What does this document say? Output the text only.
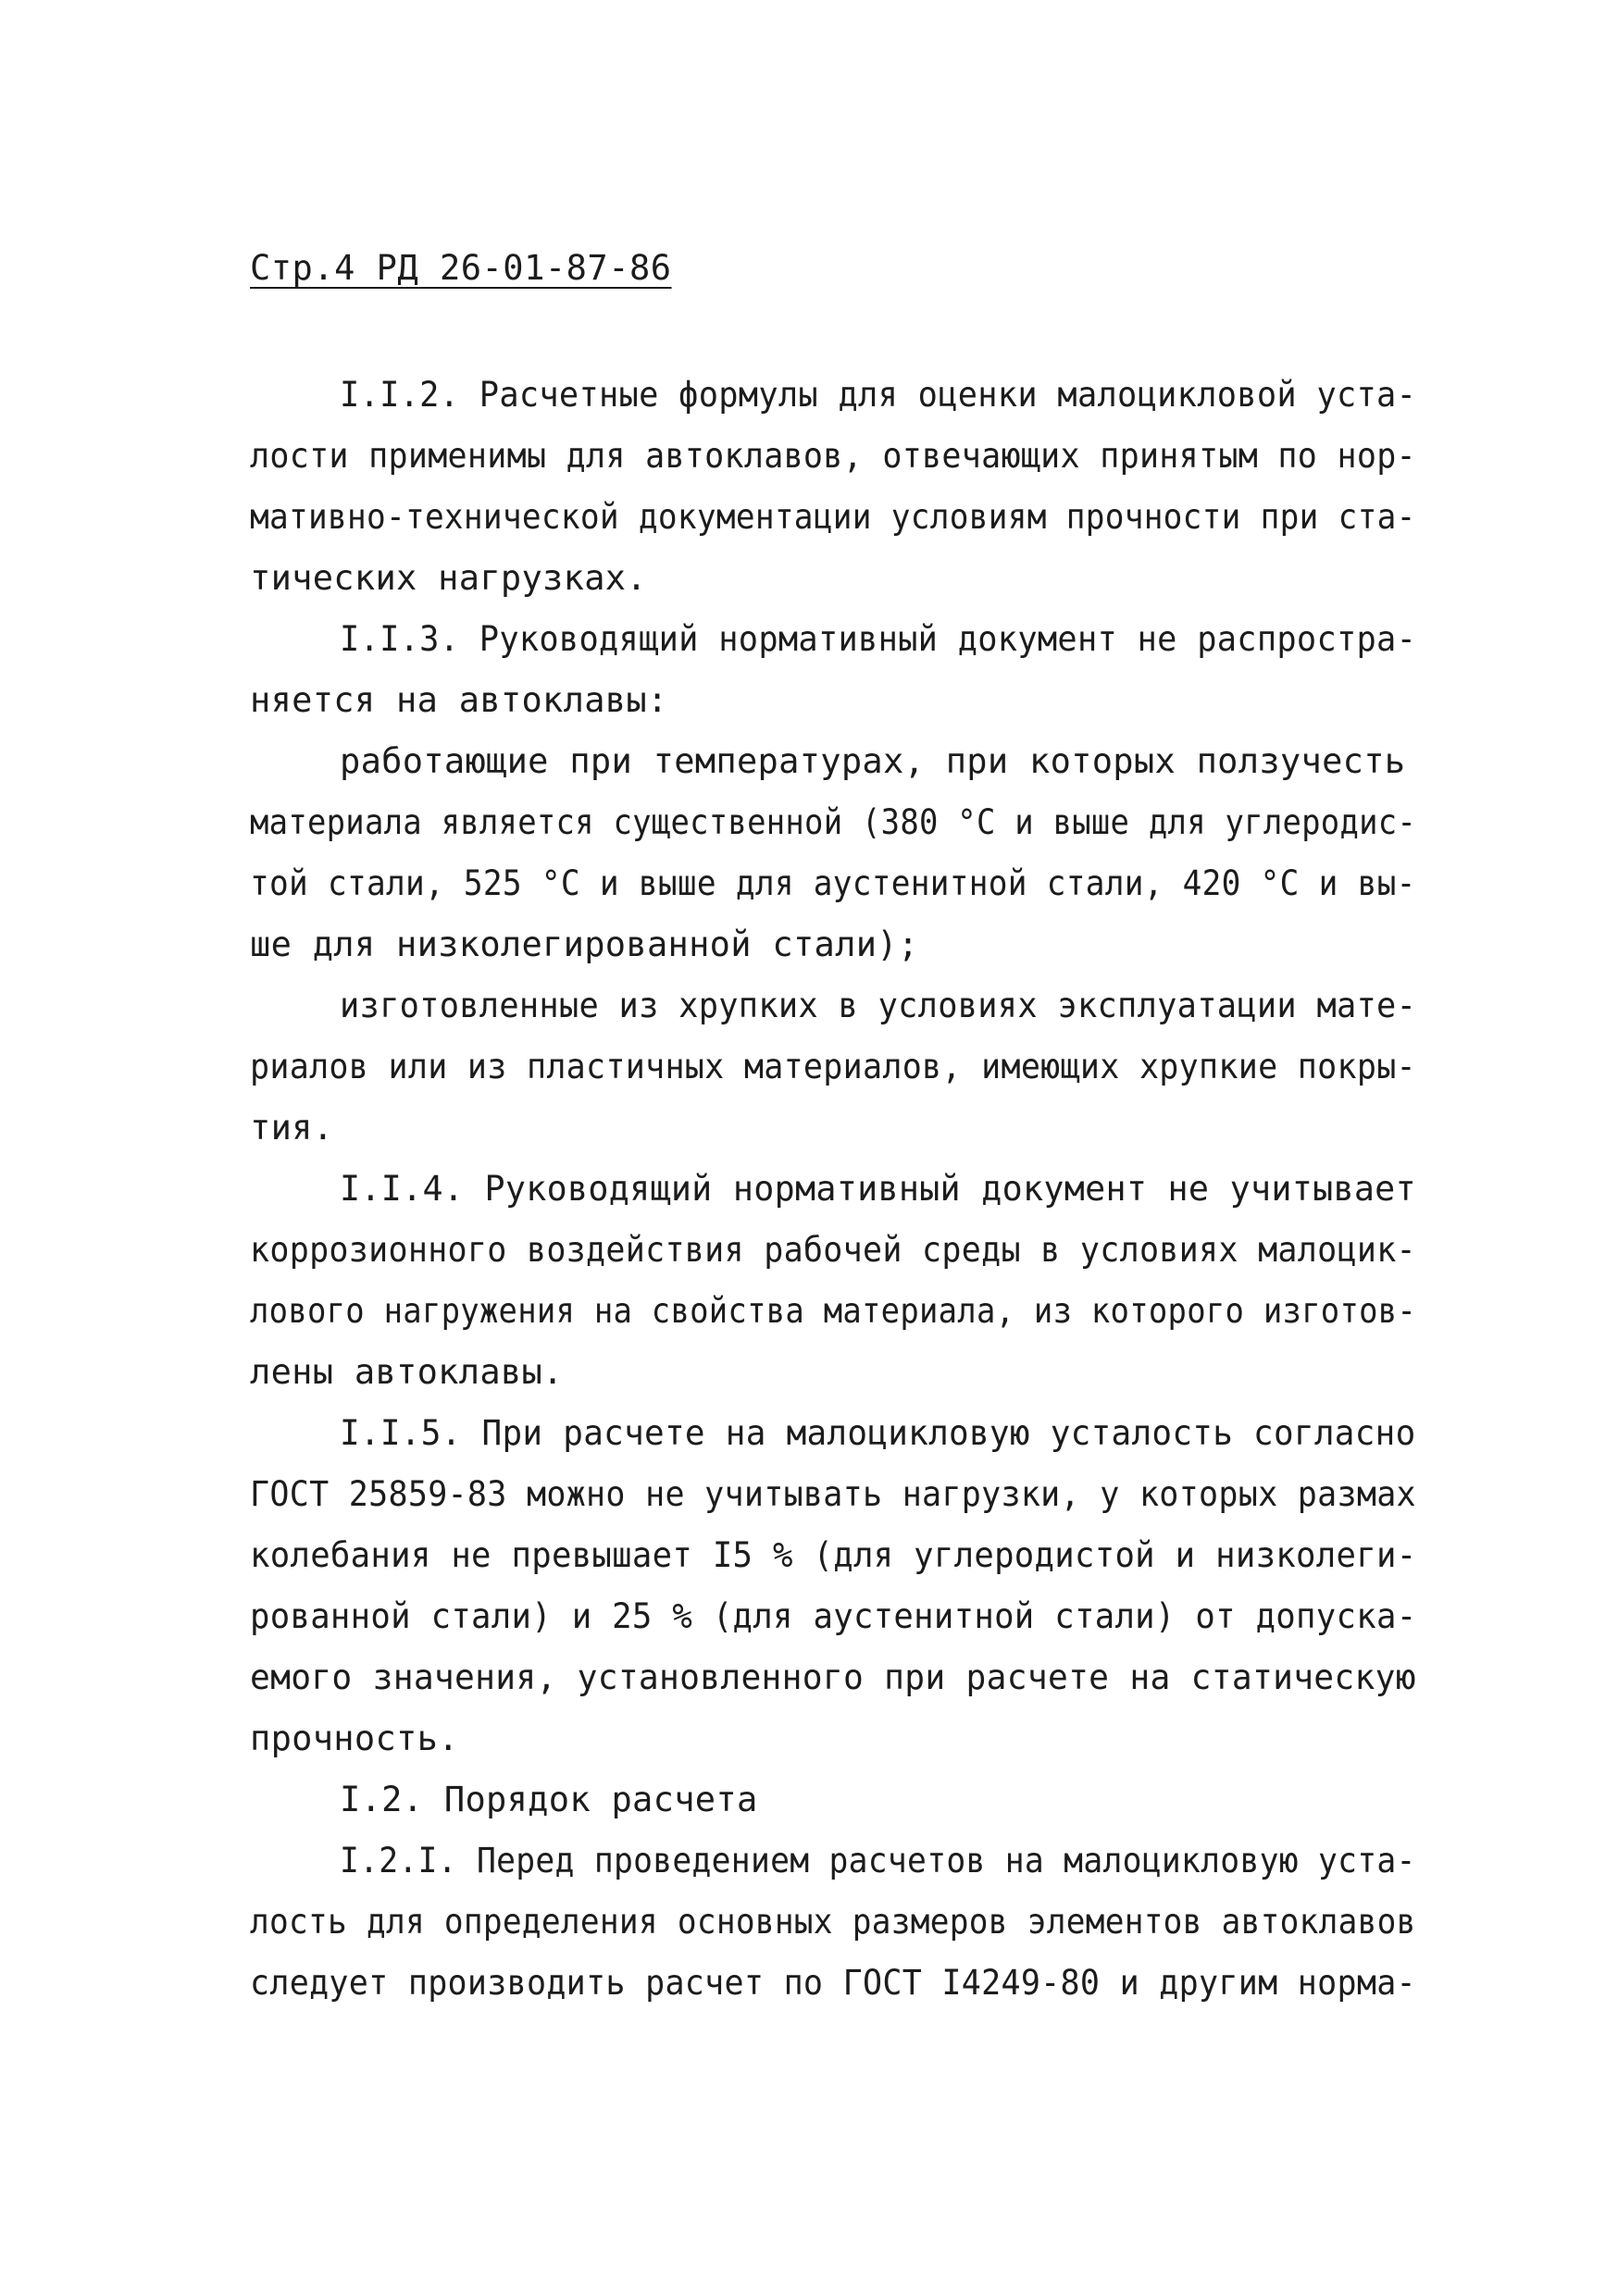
Стр.4 РД 26-01-87-86
I.I.2. Расчетные формулы для оценки малоцикловой уста-
лости применимы для автоклавов, отвечающих принятым по нор-
мативно-технической документации условиям прочности при ста-
тических нагрузках.
I.I.3. Руководящий нормативный документ не распростра-
няется на автоклавы:
работающие при температурах, при которых ползучесть
материала является существенной (380 °С и выше для углеродис-
той стали, 525 °С и выше для аустенитной стали, 420 °С и вы-
ше для низколегированной стали);
изготовленные из хрупких в условиях эксплуатации мате-
риалов или из пластичных материалов, имеющих хрупкие покры-
тия.
I.I.4. Руководящий нормативный документ не учитывает
коррозионного воздействия рабочей среды в условиях малоцик-
лового нагружения на свойства материала, из которого изготов-
лены автоклавы.
I.I.5. При расчете на малоцикловую усталость согласно
ГОСТ 25859-83 можно не учитывать нагрузки, у которых размах
колебания не превышает I5 % (для углеродистой и низколеги-
рованной стали) и 25 % (для аустенитной стали) от допуска-
емого значения, установленного при расчете на статическую
прочность.
I.2. Порядок расчета
I.2.I. Перед проведением расчетов на малоцикловую уста-
лость для определения основных размеров элементов автоклавов
следует производить расчет по ГОСТ I4249-80 и другим норма-
